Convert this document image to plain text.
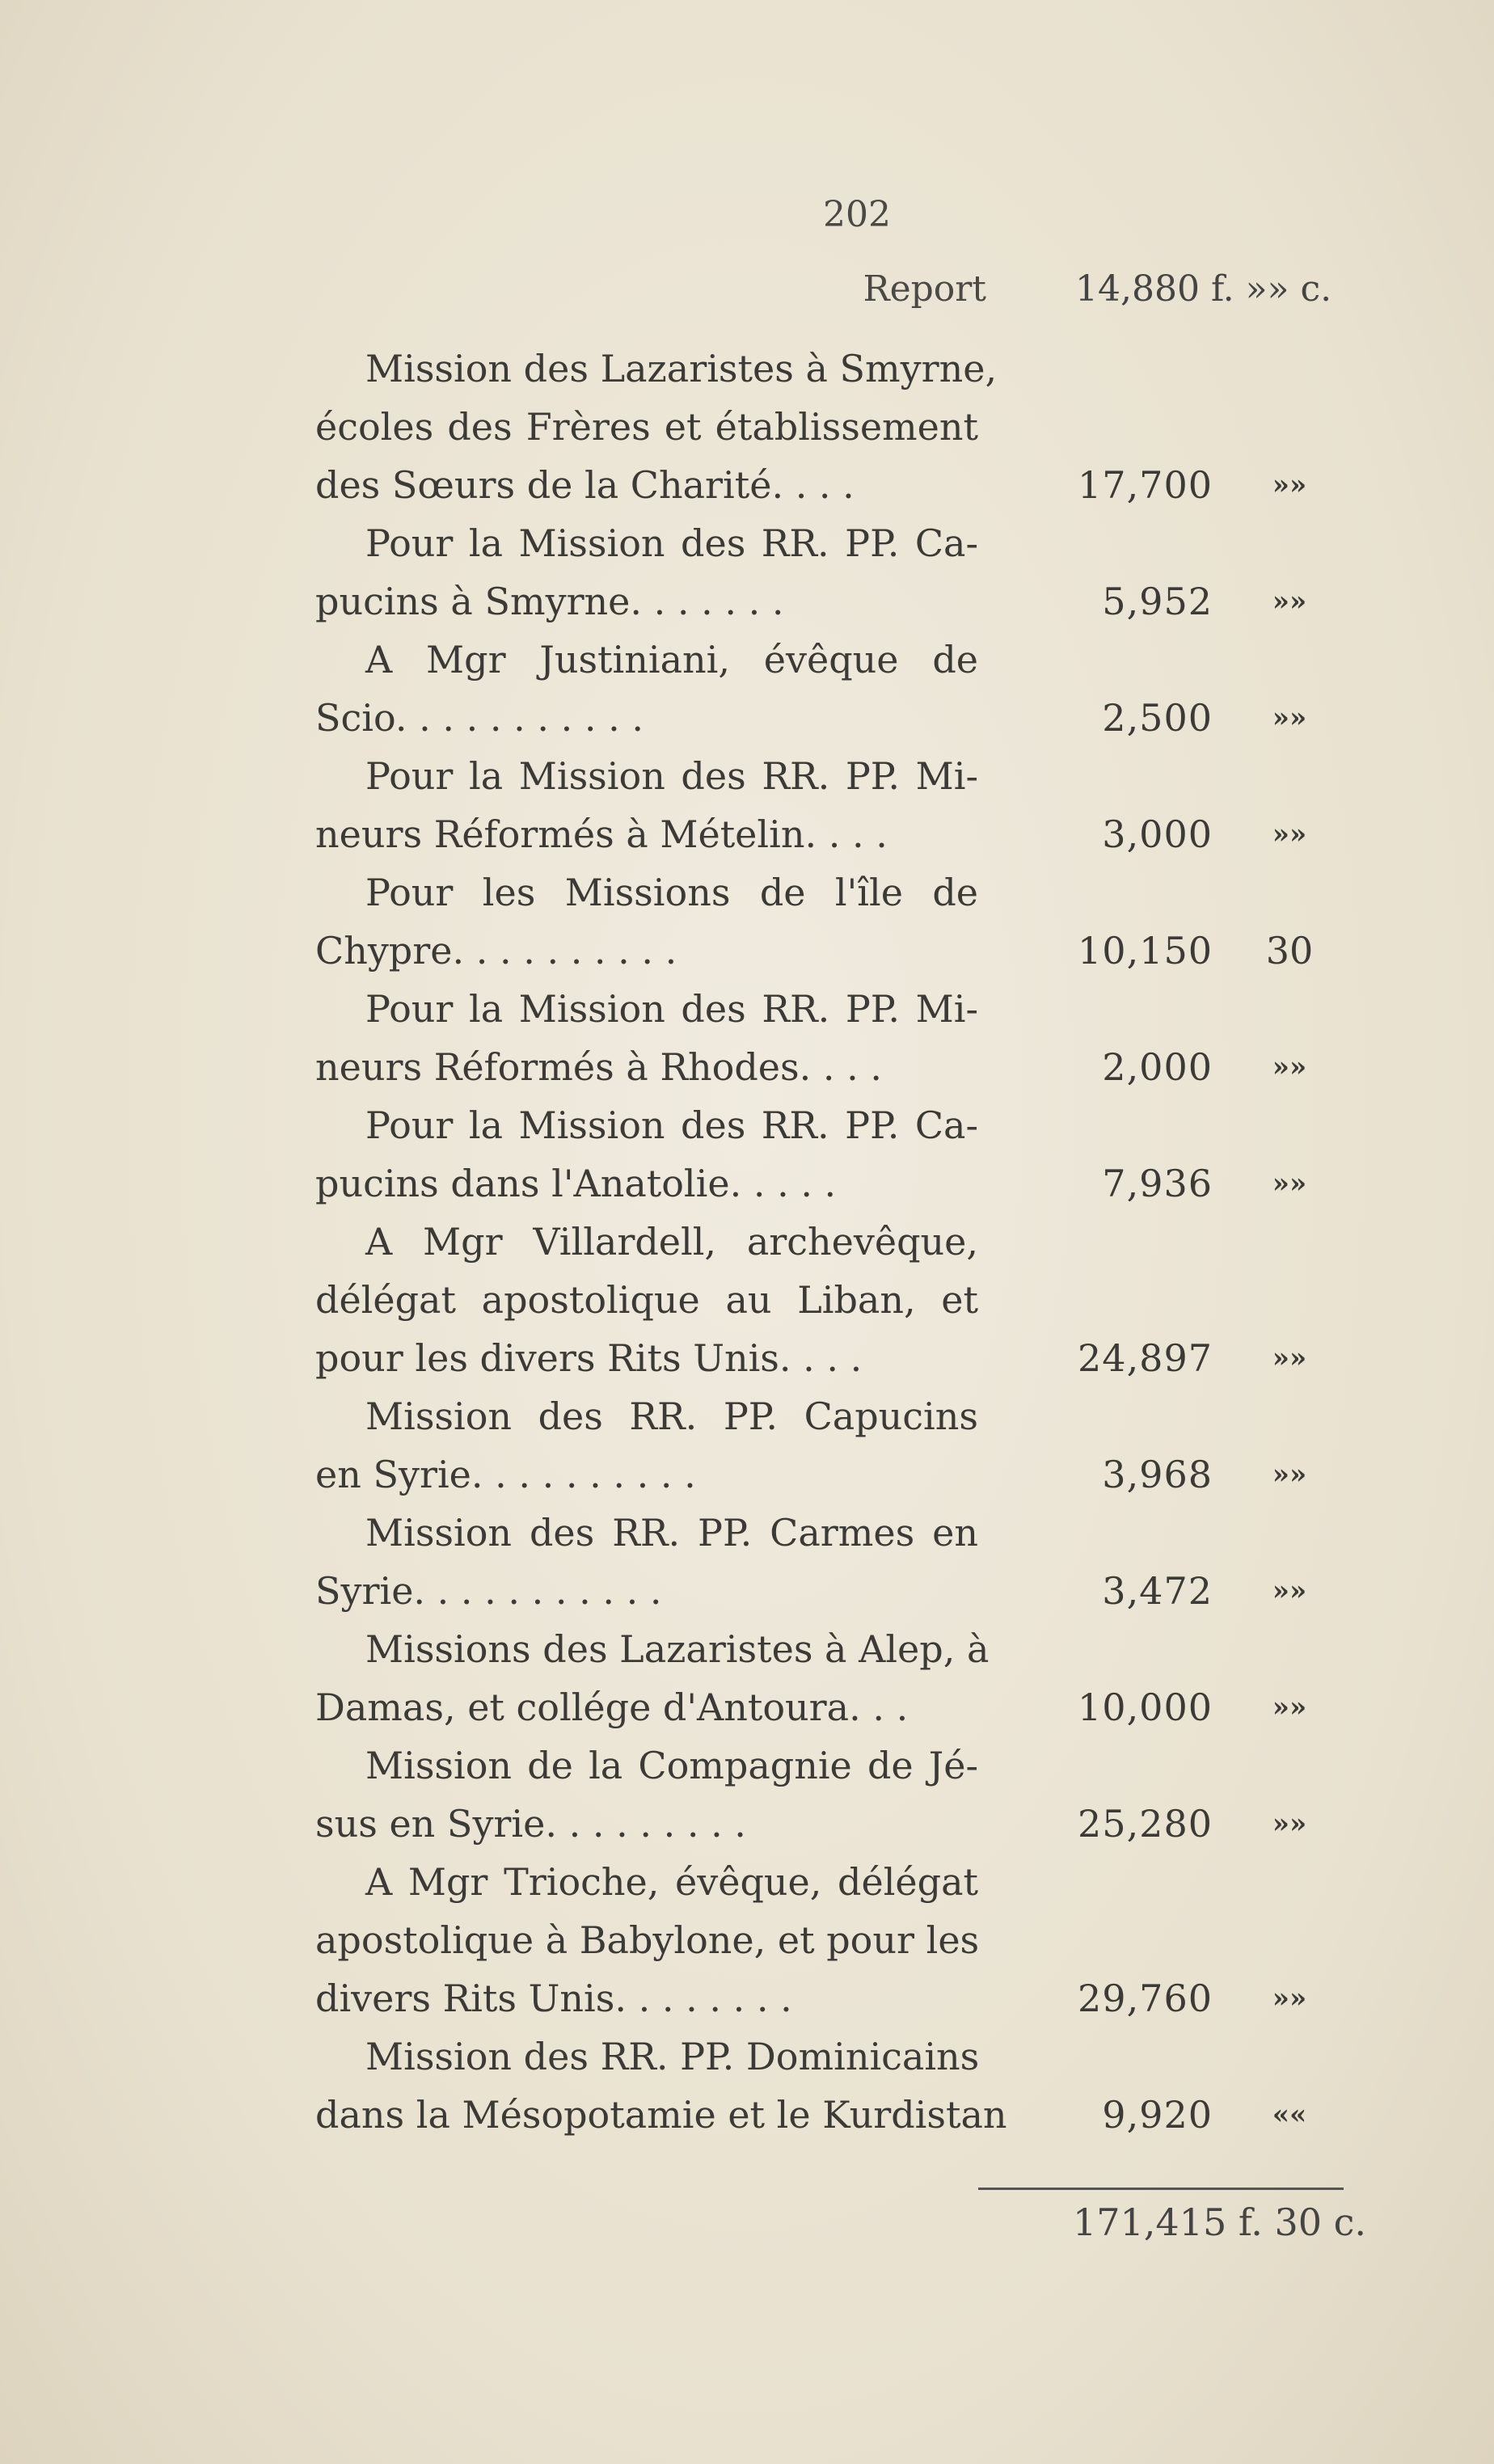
202
Report	14,880 f. »» c.
Mission des Lazaristes à Smyrne,
écoles des Frères et établissement
des Sœurs de la Charité. . . .	17,700	»»
Pour la Mission des RR. PP. Ca-
pucins à Smyrne. . . . . . .	5,952	»»
A Mgr Justiniani, évêque de
Scio. . . . . . . . . . .	2,500	»»
Pour la Mission des RR. PP. Mi-
neurs Réformés à Mételin. . . .	3,000	»»
Pour les Missions de l'île de
Chypre. . . . . . . . . .	10,150	30
Pour la Mission des RR. PP. Mi-
neurs Réformés à Rhodes. . . .	2,000	»»
Pour la Mission des RR. PP. Ca-
pucins dans l'Anatolie. . . . .	7,936	»»
A Mgr Villardell, archevêque,
délégat apostolique au Liban, et
pour les divers Rits Unis. . . .	24,897	»»
Mission des RR. PP. Capucins
en Syrie. . . . . . . . . .	3,968	»»
Mission des RR. PP. Carmes en
Syrie. . . . . . . . . . .	3,472	»»
Missions des Lazaristes à Alep, à
Damas, et collége d'Antoura. . .	10,000	»»
Mission de la Compagnie de Jé-
sus en Syrie. . . . . . . . .	25,280	»»
A Mgr Trioche, évêque, délégat
apostolique à Babylone, et pour les
divers Rits Unis. . . . . . . .	29,760	»»
Mission des RR. PP. Dominicains
dans la Mésopotamie et le Kurdistan	9,920	««
171,415 f. 30 c.
